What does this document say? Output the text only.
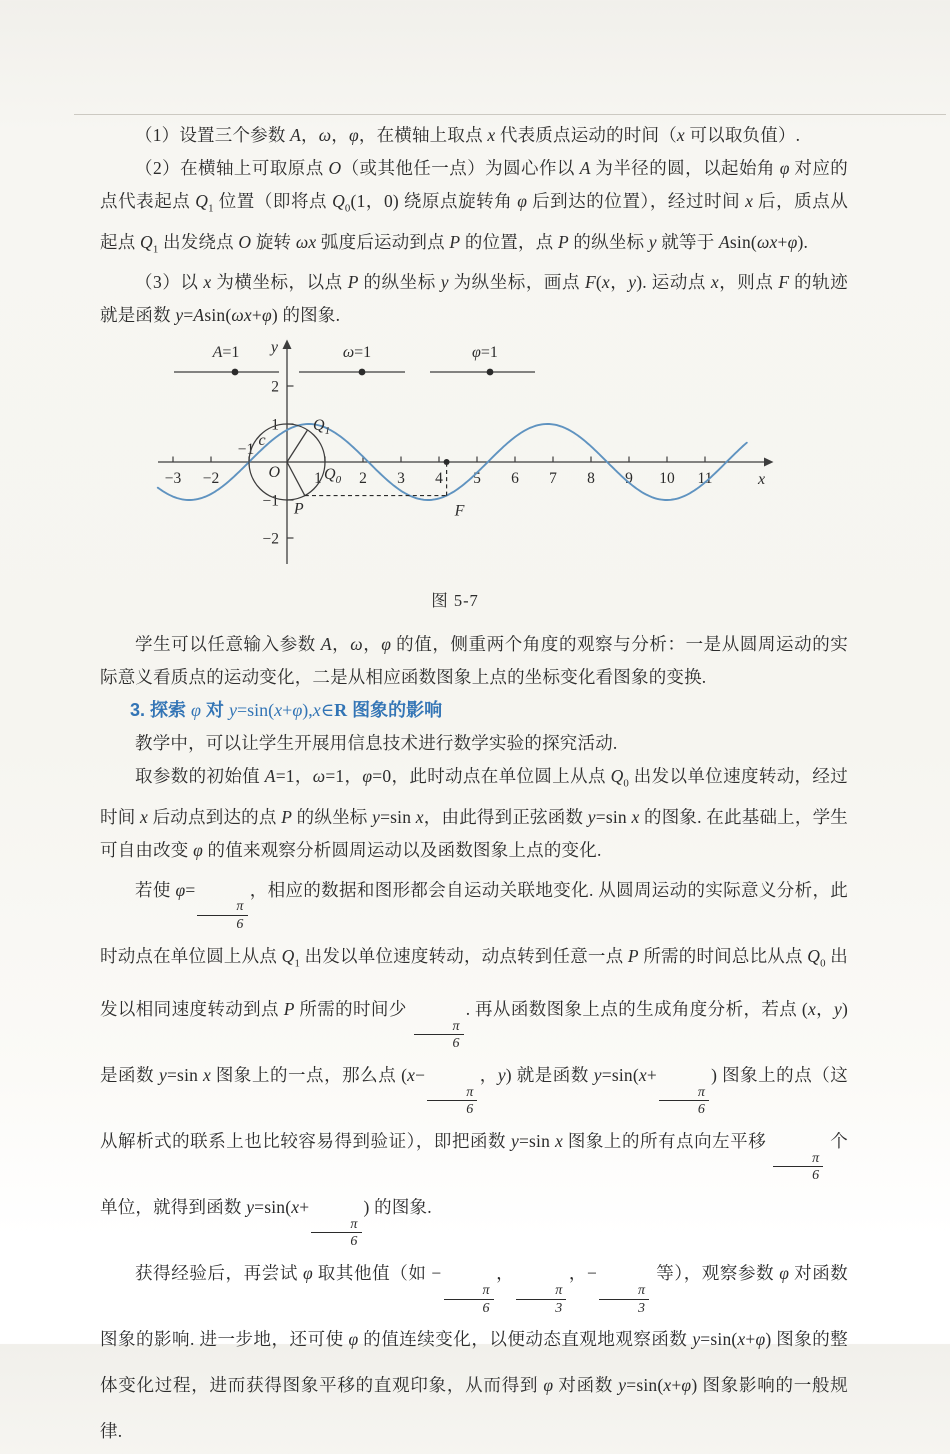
（1）设置三个参数 A，ω，φ，在横轴上取点 x 代表质点运动的时间（x 可以取负值）.

（2）在横轴上可取原点 O（或其他任一点）为圆心作以 A 为半径的圆，以起始角 φ 对应的点代表起点 $Q_1$ 位置（即将点 $Q_0(1$，0) 绕原点旋转角 φ 后到达的位置），经过时间 x 后，质点从起点 $Q_1$ 出发绕点 O 旋转 ωx 弧度后运动到点 P 的位置，点 P 的纵坐标 y 就等于 Asin(ωx+φ).

（3）以 x 为横坐标，以点 P 的纵坐标 y 为纵坐标，画点 F(x，y). 运动点 x，则点 F 的轨迹就是函数 y=Asin(ωx+φ) 的图象.

y
x
−3 −2
−1
1 2 3 4 5 6 7 8 9 10 11
−2
−1
1
2
A=1	ω=1	φ=1
c
O	$Q_0$
$Q_1$
P	F
图 5-7

学生可以任意输入参数 A，ω，φ 的值，侧重两个角度的观察与分析：一是从圆周运动的实际意义看质点的运动变化，二是从相应函数图象上点的坐标变化看图象的变换.

3. 探索 φ 对 y=sin(x+φ),x∈R 图象的影响

教学中，可以让学生开展用信息技术进行数学实验的探究活动.

取参数的初始值 A=1，ω=1，φ=0，此时动点在单位圆上从点 $Q_0$ 出发以单位速度转动，经过时间 x 后动点到达的点 P 的纵坐标 y=sin x，由此得到正弦函数 y=sin x 的图象. 在此基础上，学生可自由改变 φ 的值来观察分析圆周运动以及函数图象上点的变化.

若使 φ=
$\frac{\pi}{6}$
，相应的数据和图形都会自运动关联地变化. 从圆周运动的实际意义分析，此时动点在单位圆上从点 $Q_1$ 出发以单位速度转动，动点转到任意一点 P 所需的时间总比从点 $Q_0$ 出发以相同速度转动到点 P 所需的时间少
$\frac{\pi}{6}$
. 再从函数图象上点的生成角度分析，若点 (x，y) 是函数 y=sin x 图象上的一点，那么点 (x−
$\frac{\pi}{6}$
，y) 就是函数 y=sin(x+
$\frac{\pi}{6}$
) 图象上的点（这从解析式的联系上也比较容易得到验证），即把函数 y=sin x 图象上的所有点向左平移
$\frac{\pi}{6}$
个单位，就得到函数 y=sin(x+
$\frac{\pi}{6}$
) 的图象.

获得经验后，再尝试 φ 取其他值（如 −
$\frac{\pi}{6}$
，
$\frac{\pi}{3}$
，−
$\frac{\pi}{3}$
等），观察参数 φ 对函数图象的影响. 进一步地，还可使 φ 的值连续变化，以便动态直观地观察函数 y=sin(x+φ) 图象的整体变化过程，进而获得图象平移的直观印象，从而得到 φ 对函数 y=sin(x+φ) 图象影响的一般规律.
